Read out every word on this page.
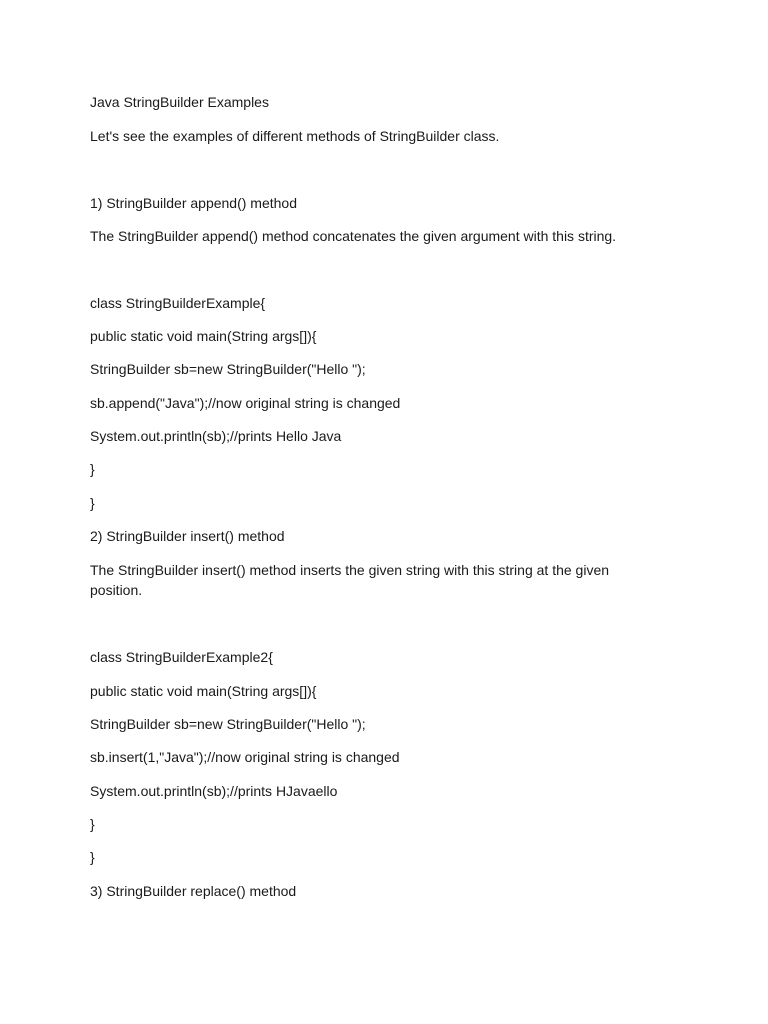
Java StringBuilder Examples
Let's see the examples of different methods of StringBuilder class.
1) StringBuilder append() method
The StringBuilder append() method concatenates the given argument with this string.
class StringBuilderExample{
public static void main(String args[]){
StringBuilder sb=new StringBuilder("Hello ");
sb.append("Java");//now original string is changed
System.out.println(sb);//prints Hello Java
}
}
2) StringBuilder insert() method
The StringBuilder insert() method inserts the given string with this string at the given position.
class StringBuilderExample2{
public static void main(String args[]){
StringBuilder sb=new StringBuilder("Hello ");
sb.insert(1,"Java");//now original string is changed
System.out.println(sb);//prints HJavaello
}
}
3) StringBuilder replace() method
